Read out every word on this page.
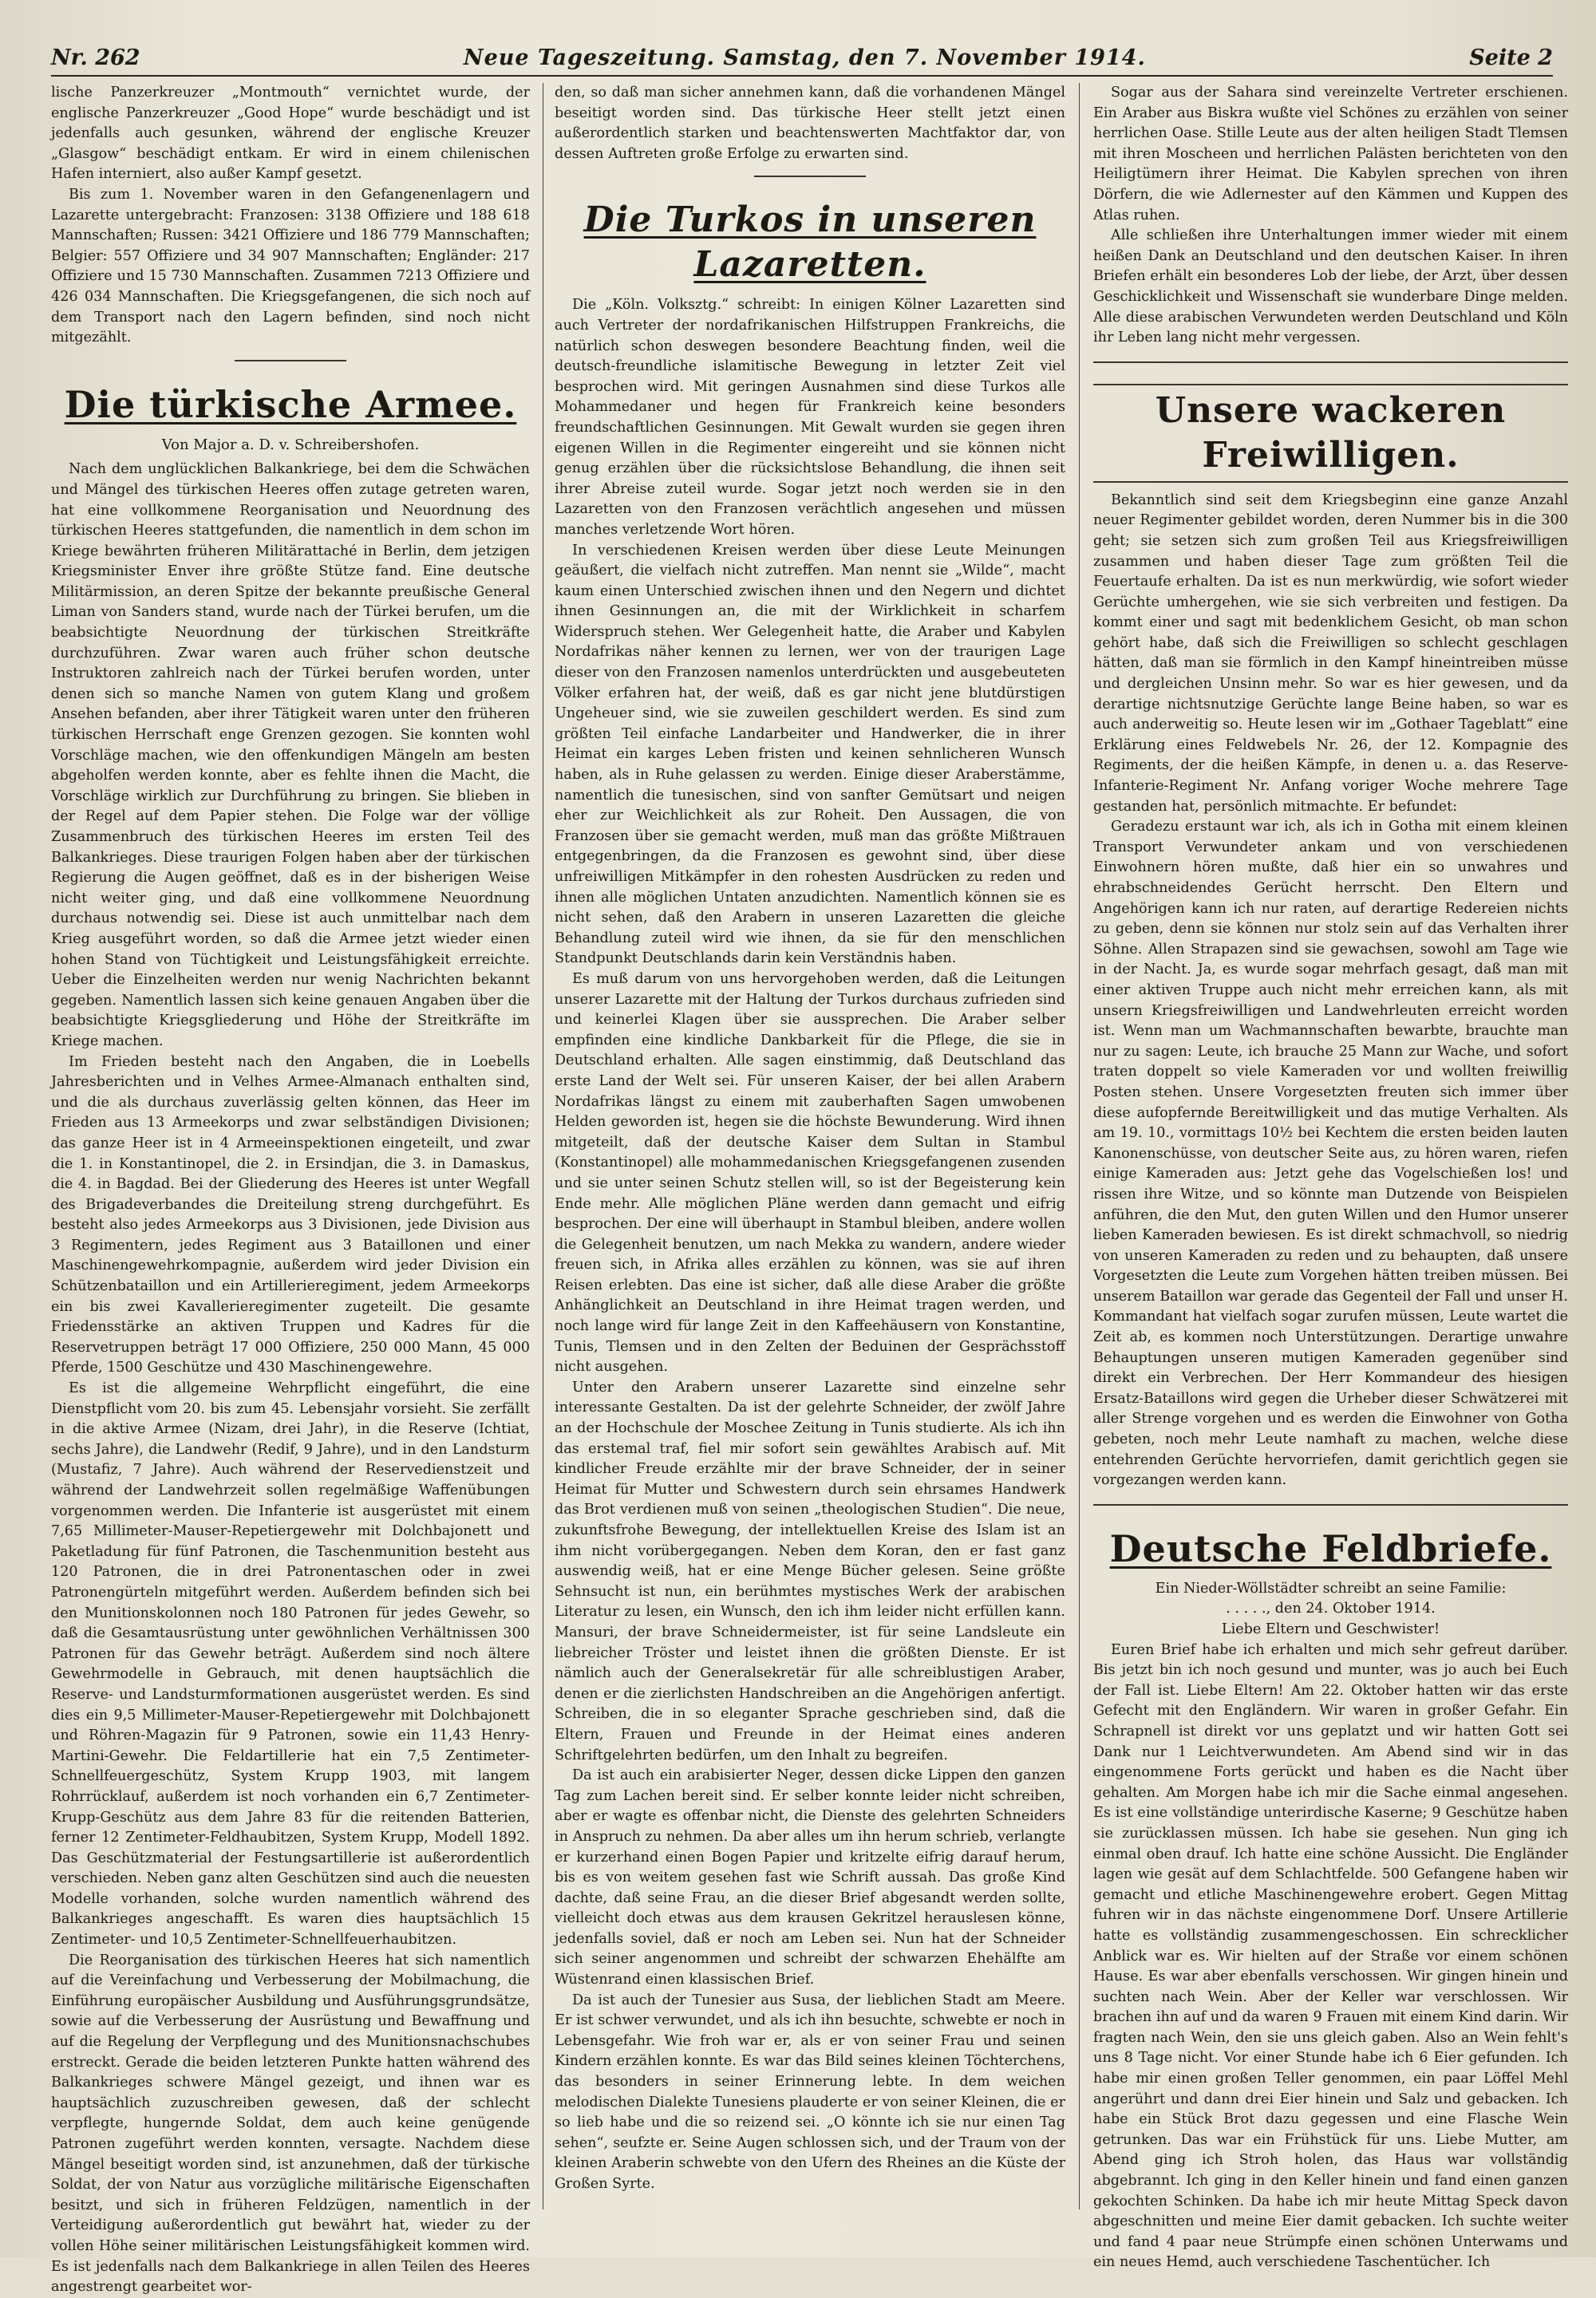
Nr. 262	Neue Tageszeitung. Samstag, den 7. November 1914.	Seite 2

lische Panzerkreuzer „Montmouth“ vernichtet wurde, der englische Panzerkreuzer „Good Hope“ wurde beschädigt und ist jedenfalls auch gesunken, während der englische Kreuzer „Glasgow“ beschädigt entkam. Er wird in einem chilenischen Hafen interniert, also außer Kampf gesetzt.

Bis zum 1. November waren in den Gefangenenlagern und Lazarette untergebracht: Franzosen: 3138 Offiziere und 188 618 Mannschaften; Russen: 3421 Offiziere und 186 779 Mannschaften; Belgier: 557 Offiziere und 34 907 Mannschaften; Engländer: 217 Offiziere und 15 730 Mannschaften. Zusammen 7213 Offiziere und 426 034 Mannschaften. Die Kriegsgefangenen, die sich noch auf dem Transport nach den Lagern befinden, sind noch nicht mitgezählt.

Die türkische Armee.

Von Major a. D. v. Schreibershofen.

Nach dem unglücklichen Balkankriege, bei dem die Schwächen und Mängel des türkischen Heeres offen zutage getreten waren, hat eine vollkommene Reorganisation und Neuordnung des türkischen Heeres stattgefunden, die namentlich in dem schon im Kriege bewährten früheren Militärattaché in Berlin, dem jetzigen Kriegsminister Enver ihre größte Stütze fand. Eine deutsche Militärmission, an deren Spitze der bekannte preußische General Liman von Sanders stand, wurde nach der Türkei berufen, um die beabsichtigte Neuordnung der türkischen Streitkräfte durchzuführen. Zwar waren auch früher schon deutsche Instruktoren zahlreich nach der Türkei berufen worden, unter denen sich so manche Namen von gutem Klang und großem Ansehen befanden, aber ihrer Tätigkeit waren unter den früheren türkischen Herrschaft enge Grenzen gezogen. Sie konnten wohl Vorschläge machen, wie den offenkundigen Mängeln am besten abgeholfen werden konnte, aber es fehlte ihnen die Macht, die Vorschläge wirklich zur Durchführung zu bringen. Sie blieben in der Regel auf dem Papier stehen. Die Folge war der völlige Zusammenbruch des türkischen Heeres im ersten Teil des Balkankrieges. Diese traurigen Folgen haben aber der türkischen Regierung die Augen geöffnet, daß es in der bisherigen Weise nicht weiter ging, und daß eine vollkommene Neuordnung durchaus notwendig sei. Diese ist auch unmittelbar nach dem Krieg ausgeführt worden, so daß die Armee jetzt wieder einen hohen Stand von Tüchtigkeit und Leistungsfähigkeit erreichte. Ueber die Einzelheiten werden nur wenig Nachrichten bekannt gegeben. Namentlich lassen sich keine genauen Angaben über die beabsichtigte Kriegsgliederung und Höhe der Streitkräfte im Kriege machen.

Im Frieden besteht nach den Angaben, die in Loebells Jahresberichten und in Velhes Armee-Almanach enthalten sind, und die als durchaus zuverlässig gelten können, das Heer im Frieden aus 13 Armeekorps und zwar selbständigen Divisionen; das ganze Heer ist in 4 Armeeinspektionen eingeteilt, und zwar die 1. in Konstantinopel, die 2. in Ersindjan, die 3. in Damaskus, die 4. in Bagdad. Bei der Gliederung des Heeres ist unter Wegfall des Brigadeverbandes die Dreiteilung streng durchgeführt. Es besteht also jedes Armeekorps aus 3 Divisionen, jede Division aus 3 Regimentern, jedes Regiment aus 3 Bataillonen und einer Maschinengewehrkompagnie, außerdem wird jeder Division ein Schützenbataillon und ein Artillerieregiment, jedem Armeekorps ein bis zwei Kavallerieregimenter zugeteilt. Die gesamte Friedensstärke an aktiven Truppen und Kadres für die Reservetruppen beträgt 17 000 Offiziere, 250 000 Mann, 45 000 Pferde, 1500 Geschütze und 430 Maschinengewehre.

Es ist die allgemeine Wehrpflicht eingeführt, die eine Dienstpflicht vom 20. bis zum 45. Lebensjahr vorsieht. Sie zerfällt in die aktive Armee (Nizam, drei Jahr), in die Reserve (Ichtiat, sechs Jahre), die Landwehr (Redif, 9 Jahre), und in den Landsturm (Mustafiz, 7 Jahre). Auch während der Reservedienstzeit und während der Landwehrzeit sollen regelmäßige Waffenübungen vorgenommen werden. Die Infanterie ist ausgerüstet mit einem 7,65 Millimeter-Mauser-Repetiergewehr mit Dolchbajonett und Paketladung für fünf Patronen, die Taschenmunition besteht aus 120 Patronen, die in drei Patronentaschen oder in zwei Patronengürteln mitgeführt werden. Außerdem befinden sich bei den Munitionskolonnen noch 180 Patronen für jedes Gewehr, so daß die Gesamtausrüstung unter gewöhnlichen Verhältnissen 300 Patronen für das Gewehr beträgt. Außerdem sind noch ältere Gewehrmodelle in Gebrauch, mit denen hauptsächlich die Reserve- und Landsturmformationen ausgerüstet werden. Es sind dies ein 9,5 Millimeter-Mauser-Repetiergewehr mit Dolchbajonett und Röhren-Magazin für 9 Patronen, sowie ein 11,43 Henry-Martini-Gewehr. Die Feldartillerie hat ein 7,5 Zentimeter-Schnellfeuergeschütz, System Krupp 1903, mit langem Rohrrücklauf, außerdem ist noch vorhanden ein 6,7 Zentimeter-Krupp-Geschütz aus dem Jahre 83 für die reitenden Batterien, ferner 12 Zentimeter-Feldhaubitzen, System Krupp, Modell 1892. Das Geschützmaterial der Festungsartillerie ist außerordentlich verschieden. Neben ganz alten Geschützen sind auch die neuesten Modelle vorhanden, solche wurden namentlich während des Balkankrieges angeschafft. Es waren dies hauptsächlich 15 Zentimeter- und 10,5 Zentimeter-Schnellfeuerhaubitzen.

Die Reorganisation des türkischen Heeres hat sich namentlich auf die Vereinfachung und Verbesserung der Mobilmachung, die Einführung europäischer Ausbildung und Ausführungsgrundsätze, sowie auf die Verbesserung der Ausrüstung und Bewaffnung und auf die Regelung der Verpflegung und des Munitionsnachschubes erstreckt. Gerade die beiden letzteren Punkte hatten während des Balkankrieges schwere Mängel gezeigt, und ihnen war es hauptsächlich zuzuschreiben gewesen, daß der schlecht verpflegte, hungernde Soldat, dem auch keine genügende Patronen zugeführt werden konnten, versagte. Nachdem diese Mängel beseitigt worden sind, ist anzunehmen, daß der türkische Soldat, der von Natur aus vorzügliche militärische Eigenschaften besitzt, und sich in früheren Feldzügen, namentlich in der Verteidigung außerordentlich gut bewährt hat, wieder zu der vollen Höhe seiner militärischen Leistungsfähigkeit kommen wird. Es ist jedenfalls nach dem Balkankriege in allen Teilen des Heeres angestrengt gearbeitet wor-

den, so daß man sicher annehmen kann, daß die vorhandenen Mängel beseitigt worden sind. Das türkische Heer stellt jetzt einen außerordentlich starken und beachtenswerten Machtfaktor dar, von dessen Auftreten große Erfolge zu erwarten sind.

Die Turkos in unseren Lazaretten.

Die „Köln. Volksztg.“ schreibt: In einigen Kölner Lazaretten sind auch Vertreter der nordafrikanischen Hilfstruppen Frankreichs, die natürlich schon deswegen besondere Beachtung finden, weil die deutsch-freundliche islamitische Bewegung in letzter Zeit viel besprochen wird. Mit geringen Ausnahmen sind diese Turkos alle Mohammedaner und hegen für Frankreich keine besonders freundschaftlichen Gesinnungen. Mit Gewalt wurden sie gegen ihren eigenen Willen in die Regimenter eingereiht und sie können nicht genug erzählen über die rücksichtslose Behandlung, die ihnen seit ihrer Abreise zuteil wurde. Sogar jetzt noch werden sie in den Lazaretten von den Franzosen verächtlich angesehen und müssen manches verletzende Wort hören.

In verschiedenen Kreisen werden über diese Leute Meinungen geäußert, die vielfach nicht zutreffen. Man nennt sie „Wilde“, macht kaum einen Unterschied zwischen ihnen und den Negern und dichtet ihnen Gesinnungen an, die mit der Wirklichkeit in scharfem Widerspruch stehen. Wer Gelegenheit hatte, die Araber und Kabylen Nordafrikas näher kennen zu lernen, wer von der traurigen Lage dieser von den Franzosen namenlos unterdrückten und ausgebeuteten Völker erfahren hat, der weiß, daß es gar nicht jene blutdürstigen Ungeheuer sind, wie sie zuweilen geschildert werden. Es sind zum größten Teil einfache Landarbeiter und Handwerker, die in ihrer Heimat ein karges Leben fristen und keinen sehnlicheren Wunsch haben, als in Ruhe gelassen zu werden. Einige dieser Araberstämme, namentlich die tunesischen, sind von sanfter Gemütsart und neigen eher zur Weichlichkeit als zur Roheit. Den Aussagen, die von Franzosen über sie gemacht werden, muß man das größte Mißtrauen entgegenbringen, da die Franzosen es gewohnt sind, über diese unfreiwilligen Mitkämpfer in den rohesten Ausdrücken zu reden und ihnen alle möglichen Untaten anzudichten. Namentlich können sie es nicht sehen, daß den Arabern in unseren Lazaretten die gleiche Behandlung zuteil wird wie ihnen, da sie für den menschlichen Standpunkt Deutschlands darin kein Verständnis haben.

Es muß darum von uns hervorgehoben werden, daß die Leitungen unserer Lazarette mit der Haltung der Turkos durchaus zufrieden sind und keinerlei Klagen über sie aussprechen. Die Araber selber empfinden eine kindliche Dankbarkeit für die Pflege, die sie in Deutschland erhalten. Alle sagen einstimmig, daß Deutschland das erste Land der Welt sei. Für unseren Kaiser, der bei allen Arabern Nordafrikas längst zu einem mit zauberhaften Sagen umwobenen Helden geworden ist, hegen sie die höchste Bewunderung. Wird ihnen mitgeteilt, daß der deutsche Kaiser dem Sultan in Stambul (Konstantinopel) alle mohammedanischen Kriegsgefangenen zusenden und sie unter seinen Schutz stellen will, so ist der Begeisterung kein Ende mehr. Alle möglichen Pläne werden dann gemacht und eifrig besprochen. Der eine will überhaupt in Stambul bleiben, andere wollen die Gelegenheit benutzen, um nach Mekka zu wandern, andere wieder freuen sich, in Afrika alles erzählen zu können, was sie auf ihren Reisen erlebten. Das eine ist sicher, daß alle diese Araber die größte Anhänglichkeit an Deutschland in ihre Heimat tragen werden, und noch lange wird für lange Zeit in den Kaffeehäusern von Konstantine, Tunis, Tlemsen und in den Zelten der Beduinen der Gesprächsstoff nicht ausgehen.

Unter den Arabern unserer Lazarette sind einzelne sehr interessante Gestalten. Da ist der gelehrte Schneider, der zwölf Jahre an der Hochschule der Moschee Zeitung in Tunis studierte. Als ich ihn das erstemal traf, fiel mir sofort sein gewähltes Arabisch auf. Mit kindlicher Freude erzählte mir der brave Schneider, der in seiner Heimat für Mutter und Schwestern durch sein ehrsames Handwerk das Brot verdienen muß von seinen „theologischen Studien“. Die neue, zukunftsfrohe Bewegung, der intellektuellen Kreise des Islam ist an ihm nicht vorübergegangen. Neben dem Koran, den er fast ganz auswendig weiß, hat er eine Menge Bücher gelesen. Seine größte Sehnsucht ist nun, ein berühmtes mystisches Werk der arabischen Literatur zu lesen, ein Wunsch, den ich ihm leider nicht erfüllen kann. Mansuri, der brave Schneidermeister, ist für seine Landsleute ein liebreicher Tröster und leistet ihnen die größten Dienste. Er ist nämlich auch der Generalsekretär für alle schreiblustigen Araber, denen er die zierlichsten Handschreiben an die Angehörigen anfertigt. Schreiben, die in so eleganter Sprache geschrieben sind, daß die Eltern, Frauen und Freunde in der Heimat eines anderen Schriftgelehrten bedürfen, um den Inhalt zu begreifen.

Da ist auch ein arabisierter Neger, dessen dicke Lippen den ganzen Tag zum Lachen bereit sind. Er selber konnte leider nicht schreiben, aber er wagte es offenbar nicht, die Dienste des gelehrten Schneiders in Anspruch zu nehmen. Da aber alles um ihn herum schrieb, verlangte er kurzerhand einen Bogen Papier und kritzelte eifrig darauf herum, bis es von weitem gesehen fast wie Schrift aussah. Das große Kind dachte, daß seine Frau, an die dieser Brief abgesandt werden sollte, vielleicht doch etwas aus dem krausen Gekritzel herauslesen könne, jedenfalls soviel, daß er noch am Leben sei. Nun hat der Schneider sich seiner angenommen und schreibt der schwarzen Ehehälfte am Wüstenrand einen klassischen Brief.

Da ist auch der Tunesier aus Susa, der lieblichen Stadt am Meere. Er ist schwer verwundet, und als ich ihn besuchte, schwebte er noch in Lebensgefahr. Wie froh war er, als er von seiner Frau und seinen Kindern erzählen konnte. Es war das Bild seines kleinen Töchterchens, das besonders in seiner Erinnerung lebte. In dem weichen melodischen Dialekte Tunesiens plauderte er von seiner Kleinen, die er so lieb habe und die so reizend sei. „O könnte ich sie nur einen Tag sehen“, seufzte er. Seine Augen schlossen sich, und der Traum von der kleinen Araberin schwebte von den Ufern des Rheines an die Küste der Großen Syrte.

Sogar aus der Sahara sind vereinzelte Vertreter erschienen. Ein Araber aus Biskra wußte viel Schönes zu erzählen von seiner herrlichen Oase. Stille Leute aus der alten heiligen Stadt Tlemsen mit ihren Moscheen und herrlichen Palästen berichteten von den Heiligtümern ihrer Heimat. Die Kabylen sprechen von ihren Dörfern, die wie Adlernester auf den Kämmen und Kuppen des Atlas ruhen.

Alle schließen ihre Unterhaltungen immer wieder mit einem heißen Dank an Deutschland und den deutschen Kaiser. In ihren Briefen erhält ein besonderes Lob der liebe, der Arzt, über dessen Geschicklichkeit und Wissenschaft sie wunderbare Dinge melden. Alle diese arabischen Verwundeten werden Deutschland und Köln ihr Leben lang nicht mehr vergessen.

Unsere wackeren Freiwilligen.

Bekanntlich sind seit dem Kriegsbeginn eine ganze Anzahl neuer Regimenter gebildet worden, deren Nummer bis in die 300 geht; sie setzen sich zum großen Teil aus Kriegsfreiwilligen zusammen und haben dieser Tage zum größten Teil die Feuertaufe erhalten. Da ist es nun merkwürdig, wie sofort wieder Gerüchte umhergehen, wie sie sich verbreiten und festigen. Da kommt einer und sagt mit bedenklichem Gesicht, ob man schon gehört habe, daß sich die Freiwilligen so schlecht geschlagen hätten, daß man sie förmlich in den Kampf hineintreiben müsse und dergleichen Unsinn mehr. So war es hier gewesen, und da derartige nichtsnutzige Gerüchte lange Beine haben, so war es auch anderweitig so. Heute lesen wir im „Gothaer Tageblatt“ eine Erklärung eines Feldwebels Nr. 26, der 12. Kompagnie des Regiments, der die heißen Kämpfe, in denen u. a. das Reserve-Infanterie-Regiment Nr. Anfang voriger Woche mehrere Tage gestanden hat, persönlich mitmachte. Er befundet:

Geradezu erstaunt war ich, als ich in Gotha mit einem kleinen Transport Verwundeter ankam und von verschiedenen Einwohnern hören mußte, daß hier ein so unwahres und ehrabschneidendes Gerücht herrscht. Den Eltern und Angehörigen kann ich nur raten, auf derartige Redereien nichts zu geben, denn sie können nur stolz sein auf das Verhalten ihrer Söhne. Allen Strapazen sind sie gewachsen, sowohl am Tage wie in der Nacht. Ja, es wurde sogar mehrfach gesagt, daß man mit einer aktiven Truppe auch nicht mehr erreichen kann, als mit unsern Kriegsfreiwilligen und Landwehrleuten erreicht worden ist. Wenn man um Wachmannschaften bewarbte, brauchte man nur zu sagen: Leute, ich brauche 25 Mann zur Wache, und sofort traten doppelt so viele Kameraden vor und wollten freiwillig Posten stehen. Unsere Vorgesetzten freuten sich immer über diese aufopfernde Bereitwilligkeit und das mutige Verhalten. Als am 19. 10., vormittags 10½ bei Kechtem die ersten beiden lauten Kanonenschüsse, von deutscher Seite aus, zu hören waren, riefen einige Kameraden aus: Jetzt gehe das Vogelschießen los! und rissen ihre Witze, und so könnte man Dutzende von Beispielen anführen, die den Mut, den guten Willen und den Humor unserer lieben Kameraden bewiesen. Es ist direkt schmachvoll, so niedrig von unseren Kameraden zu reden und zu behaupten, daß unsere Vorgesetzten die Leute zum Vorgehen hätten treiben müssen. Bei unserem Bataillon war gerade das Gegenteil der Fall und unser H. Kommandant hat vielfach sogar zurufen müssen, Leute wartet die Zeit ab, es kommen noch Unterstützungen. Derartige unwahre Behauptungen unseren mutigen Kameraden gegenüber sind direkt ein Verbrechen. Der Herr Kommandeur des hiesigen Ersatz-Bataillons wird gegen die Urheber dieser Schwätzerei mit aller Strenge vorgehen und es werden die Einwohner von Gotha gebeten, noch mehr Leute namhaft zu machen, welche diese entehrenden Gerüchte hervorriefen, damit gerichtlich gegen sie vorgezangen werden kann.

Deutsche Feldbriefe.

Ein Nieder-Wöllstädter schreibt an seine Familie:

. . . . ., den 24. Oktober 1914.

Liebe Eltern und Geschwister!

Euren Brief habe ich erhalten und mich sehr gefreut darüber. Bis jetzt bin ich noch gesund und munter, was jo auch bei Euch der Fall ist. Liebe Eltern! Am 22. Oktober hatten wir das erste Gefecht mit den Engländern. Wir waren in großer Gefahr. Ein Schrapnell ist direkt vor uns geplatzt und wir hatten Gott sei Dank nur 1 Leichtverwundeten. Am Abend sind wir in das eingenommene Forts gerückt und haben es die Nacht über gehalten. Am Morgen habe ich mir die Sache einmal angesehen. Es ist eine vollständige unterirdische Kaserne; 9 Geschütze haben sie zurücklassen müssen. Ich habe sie gesehen. Nun ging ich einmal oben drauf. Ich hatte eine schöne Aussicht. Die Engländer lagen wie gesät auf dem Schlachtfelde. 500 Gefangene haben wir gemacht und etliche Maschinengewehre erobert. Gegen Mittag fuhren wir in das nächste eingenommene Dorf. Unsere Artillerie hatte es vollständig zusammengeschossen. Ein schrecklicher Anblick war es. Wir hielten auf der Straße vor einem schönen Hause. Es war aber ebenfalls verschossen. Wir gingen hinein und suchten nach Wein. Aber der Keller war verschlossen. Wir brachen ihn auf und da waren 9 Frauen mit einem Kind darin. Wir fragten nach Wein, den sie uns gleich gaben. Also an Wein fehlt's uns 8 Tage nicht. Vor einer Stunde habe ich 6 Eier gefunden. Ich habe mir einen großen Teller genommen, ein paar Löffel Mehl angerührt und dann drei Eier hinein und Salz und gebacken. Ich habe ein Stück Brot dazu gegessen und eine Flasche Wein getrunken. Das war ein Frühstück für uns. Liebe Mutter, am Abend ging ich Stroh holen, das Haus war vollständig abgebrannt. Ich ging in den Keller hinein und fand einen ganzen gekochten Schinken. Da habe ich mir heute Mittag Speck davon abgeschnitten und meine Eier damit gebacken. Ich suchte weiter und fand 4 paar neue Strümpfe einen schönen Unterwams und ein neues Hemd, auch verschiedene Taschentücher. Ich
